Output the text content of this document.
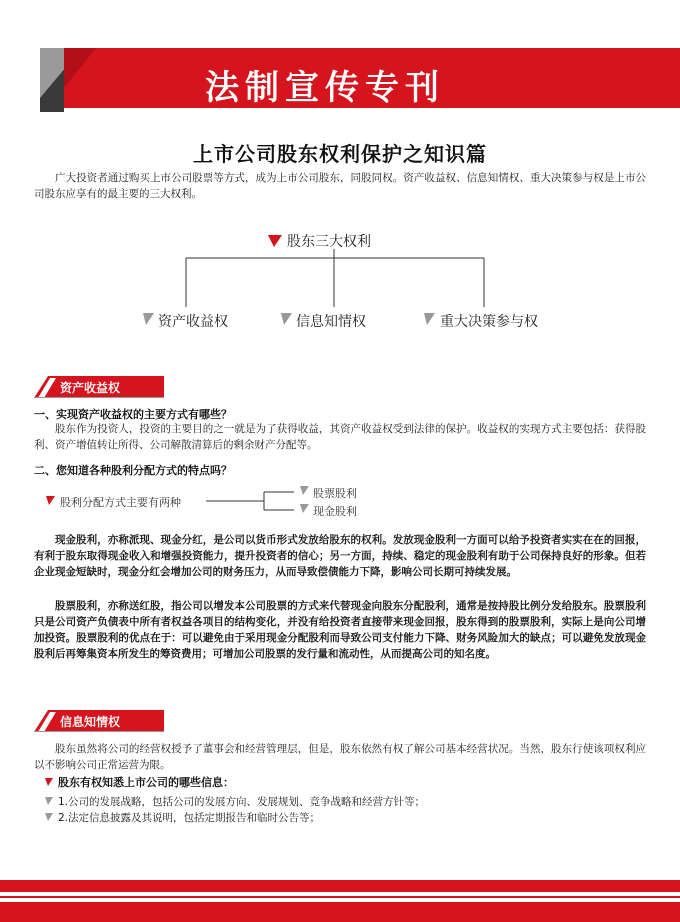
法制宣传专刊
上市公司股东权利保护之知识篇
广大投资者通过购买上市公司股票等方式，成为上市公司股东，同股同权。资产收益权、信息知情权、重大决策参与权是上市公司股东应享有的最主要的三大权利。
股东三大权利
资产收益权	信息知情权	重大决策参与权
资产收益权
一、实现资产收益权的主要方式有哪些？
股东作为投资人，投资的主要目的之一就是为了获得收益，其资产收益权受到法律的保护。收益权的实现方式主要包括：获得股利、资产增值转让所得、公司解散清算后的剩余财产分配等。
二、您知道各种股利分配方式的特点吗？
股利分配方式主要有两种
股票股利
现金股利
现金股利，亦称派现、现金分红，是公司以货币形式发放给股东的权利。发放现金股利一方面可以给予投资者实实在在的回报，有利于股东取得现金收入和增强投资能力，提升投资者的信心；另一方面，持续、稳定的现金股利有助于公司保持良好的形象。但若企业现金短缺时，现金分红会增加公司的财务压力，从而导致偿债能力下降，影响公司长期可持续发展。
股票股利，亦称送红股，指公司以增发本公司股票的方式来代替现金向股东分配股利，通常是按持股比例分发给股东。股票股利只是公司资产负债表中所有者权益各项目的结构变化，并没有给投资者直接带来现金回报，股东得到的股票股利，实际上是向公司增加投资。股票股利的优点在于：可以避免由于采用现金分配股利而导致公司支付能力下降、财务风险加大的缺点；可以避免发放现金股利后再筹集资本所发生的筹资费用；可增加公司股票的发行量和流动性，从而提高公司的知名度。
信息知情权
股东虽然将公司的经营权授予了董事会和经营管理层，但是，股东依然有权了解公司基本经营状况。当然，股东行使该项权利应以不影响公司正常运营为限。
股东有权知悉上市公司的哪些信息：
1.公司的发展战略，包括公司的发展方向、发展规划、竞争战略和经营方针等；
2.法定信息披露及其说明，包括定期报告和临时公告等；
